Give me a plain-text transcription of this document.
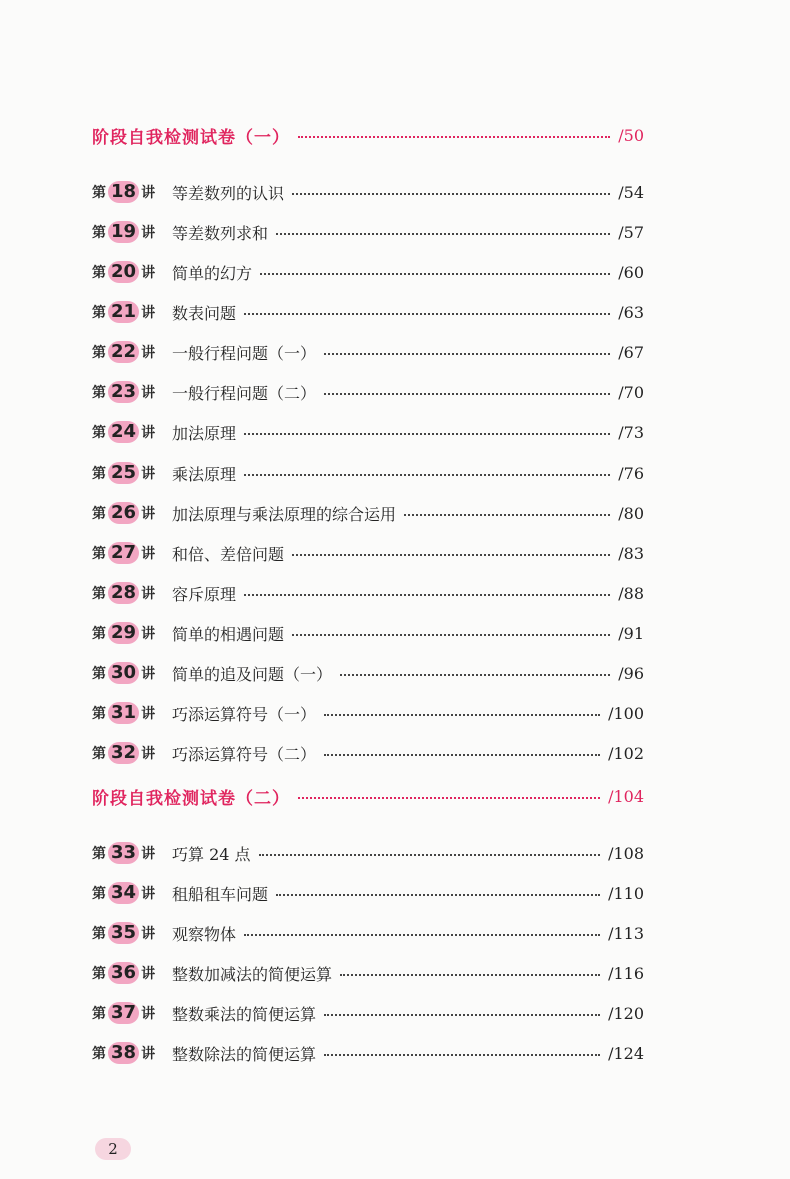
阶段自我检测试卷（一）	/50
第 18 讲 等差数列的认识	/54
第 19 讲 等差数列求和	/57
第 20 讲 简单的幻方	/60
第 21 讲 数表问题	/63
第 22 讲 一般行程问题（一）	/67
第 23 讲 一般行程问题（二）	/70
第 24 讲 加法原理	/73
第 25 讲 乘法原理	/76
第 26 讲 加法原理与乘法原理的综合运用	/80
第 27 讲 和倍、差倍问题	/83
第 28 讲 容斥原理	/88
第 29 讲 简单的相遇问题	/91
第 30 讲 简单的追及问题（一）	/96
第 31 讲 巧添运算符号（一）	/100
第 32 讲 巧添运算符号（二）	/102
阶段自我检测试卷（二）	/104
第 33 讲 巧算 24 点	/108
第 34 讲 租船租车问题	/110
第 35 讲 观察物体	/113
第 36 讲 整数加减法的简便运算	/116
第 37 讲 整数乘法的简便运算	/120
第 38 讲 整数除法的简便运算	/124
2
